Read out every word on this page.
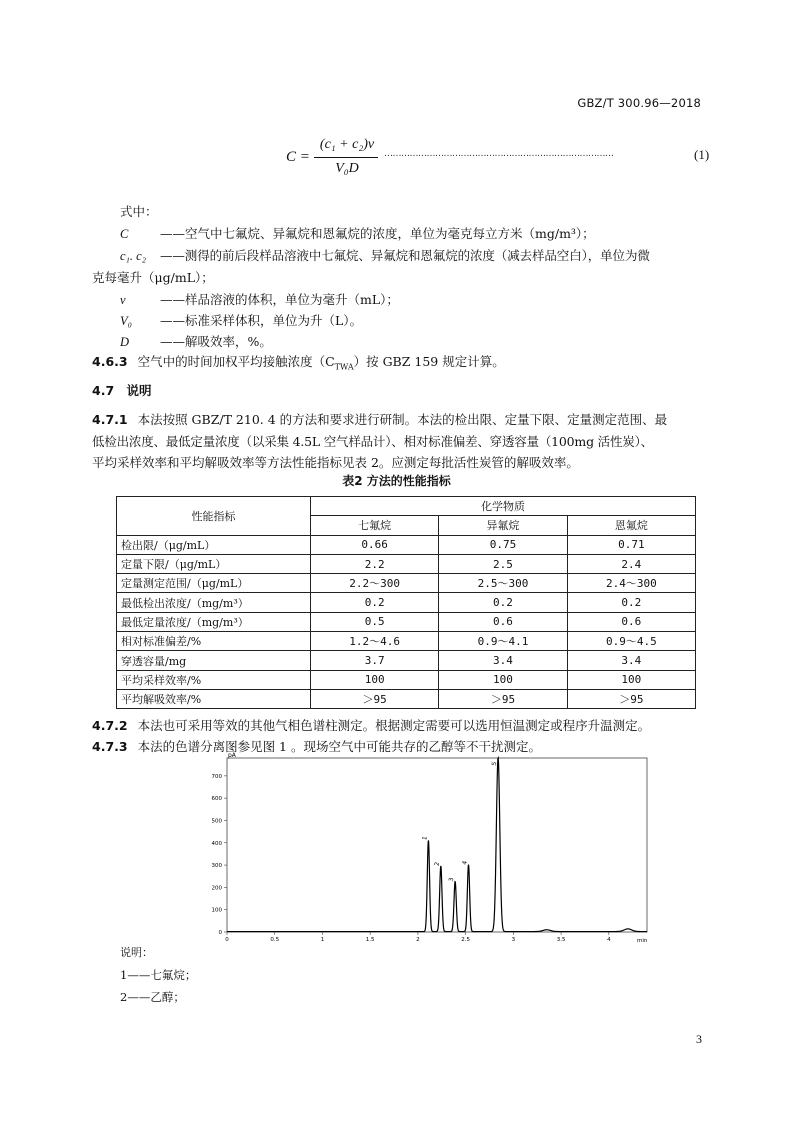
GBZ/T 300.96—2018
C =
(c₁ + c₂)v
V₀D
………………………………………………………………………	(1)
式中：
C	——空气中七氟烷、异氟烷和恩氟烷的浓度，单位为毫克每立方米（mg/m³）；
c₁. c₂ ——测得的前后段样品溶液中七氟烷、异氟烷和恩氟烷的浓度（减去样品空白），单位为微
克每毫升（μg/mL）；
v	——样品溶液的体积，单位为毫升（mL）；
V₀ ——标准采样体积，单位为升（L）。
D ——解吸效率，%。
4.6.3 空气中的时间加权平均接触浓度$(C_{TWA})$按 GBZ 159 规定计算。
4.7 说明
4.7.1 本法按照 GBZ/T 210. 4 的方法和要求进行研制。本法的检出限、定量下限、定量测定范围、最
低检出浓度、最低定量浓度（以采集 4.5L 空气样品计）、相对标准偏差、穿透容量（100mg 活性炭）、
平均采样效率和平均解吸效率等方法性能指标见表 2。应测定每批活性炭管的解吸效率。
表2 方法的性能指标
性能指标	化学物质		
	七氟烷	异氟烷	恩氟烷
检出限/（μg/mL）	0.66	0.75	0.71
定量下限/（μg/mL）	2.2	2.5	2.4
定量测定范围/（μg/mL）	2.2～300	2.5～300	2.4～300
最低检出浓度/（mg/m³）	0.2	0.2	0.2
最低定量浓度/（mg/m³）	0.5	0.6	0.6
相对标准偏差/%	1.2～4.6	0.9～4.1	0.9～4.5
穿透容量/mg	3.7	3.4	3.4
平均采样效率/%	100	100	100
平均解吸效率/%	＞95	＞95	＞95
4.7.2 本法也可采用等效的其他气相色谱柱测定。根据测定需要可以选用恒温测定或程序升温测定。
4.7.3 本法的色谱分离图参见图 1 。现场空气中可能共存的乙醇等不干扰测定。
pA
min
0
100
200
300
400
500
600
700
0	0.5	1	1.5	2	2.5	3	3.5	4
1
2
3
4
5
说明：
1——七氟烷；
2——乙醇；
3
